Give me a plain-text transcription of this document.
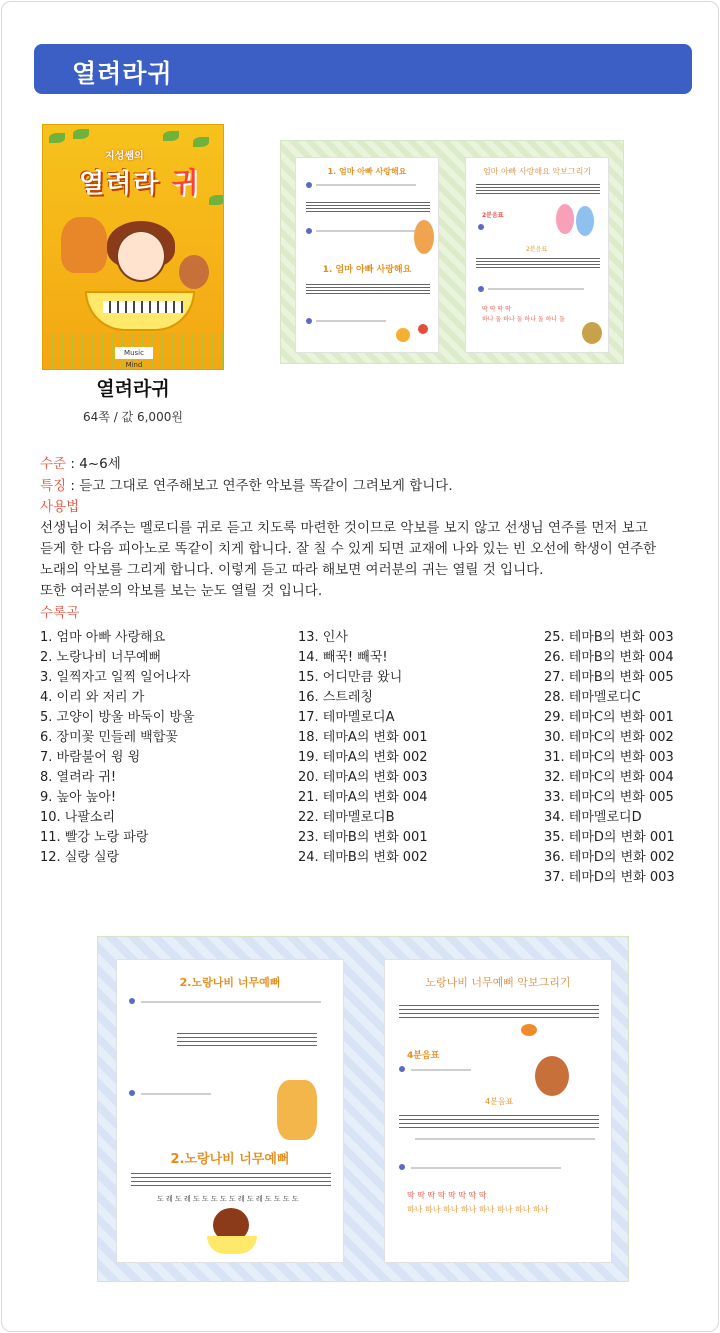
열려라귀
지성쌤의
열려라 귀
Music Mind
열려라귀
64쪽 / 값 6,000원
1. 엄마 아빠 사랑해요
1. 엄마 아빠 사랑해요
엄마 아빠 사랑해요 악보그리기
2분음표
2분음표
딱 딱 딱 딱
하나 둘 하나 둘 하나 둘 하나 둘
수준 : 4~6세
특징 : 듣고 그대로 연주해보고 연주한 악보를 똑같이 그려보게 합니다.
사용법
선생님이 쳐주는 멜로디를 귀로 듣고 치도록 마련한 것이므로 악보를 보지 않고 선생님 연주를 먼저 보고
듣게 한 다음 피아노로 똑같이 치게 합니다. 잘 칠 수 있게 되면 교재에 나와 있는 빈 오선에 학생이 연주한
노래의 악보를 그리게 합니다. 이렇게 듣고 따라 해보면 여러분의 귀는 열릴 것 입니다.
또한 여러분의 악보를 보는 눈도 열릴 것 입니다.
수록곡
1. 엄마 아빠 사랑해요
2. 노랑나비 너무예뻐
3. 일찍자고 일찍 일어나자
4. 이리 와 저리 가
5. 고양이 방울 바둑이 방울
6. 장미꽃 민들레 백합꽃
7. 바람불어 윙 윙
8. 열려라 귀!
9. 높아 높아!
10. 나팔소리
11. 빨강 노랑 파랑
12. 실랑 실랑
13. 인사
14. 빼꾹! 빼꾹!
15. 어디만큼 왔니
16. 스트레칭
17. 테마멜로디A
18. 테마A의 변화 001
19. 테마A의 변화 002
20. 테마A의 변화 003
21. 테마A의 변화 004
22. 테마멜로디B
23. 테마B의 변화 001
24. 테마B의 변화 002
25. 테마B의 변화 003
26. 테마B의 변화 004
27. 테마B의 변화 005
28. 테마멜로디C
29. 테마C의 변화 001
30. 테마C의 변화 002
31. 테마C의 변화 003
32. 테마C의 변화 004
33. 테마C의 변화 005
34. 테마멜로디D
35. 테마D의 변화 001
36. 테마D의 변화 002
37. 테마D의 변화 003
2.노랑나비 너무예뻐
2.노랑나비 너무예뻐
도 레 도 레 도 도 도 도 도 레 도 레 도 도 도 도
노랑나비 너무예뻐 악보그리기
4분음표
4분음표
딱 딱 딱 딱 딱 딱 딱 딱
하나 하나 하나 하나 하나 하나 하나 하나
